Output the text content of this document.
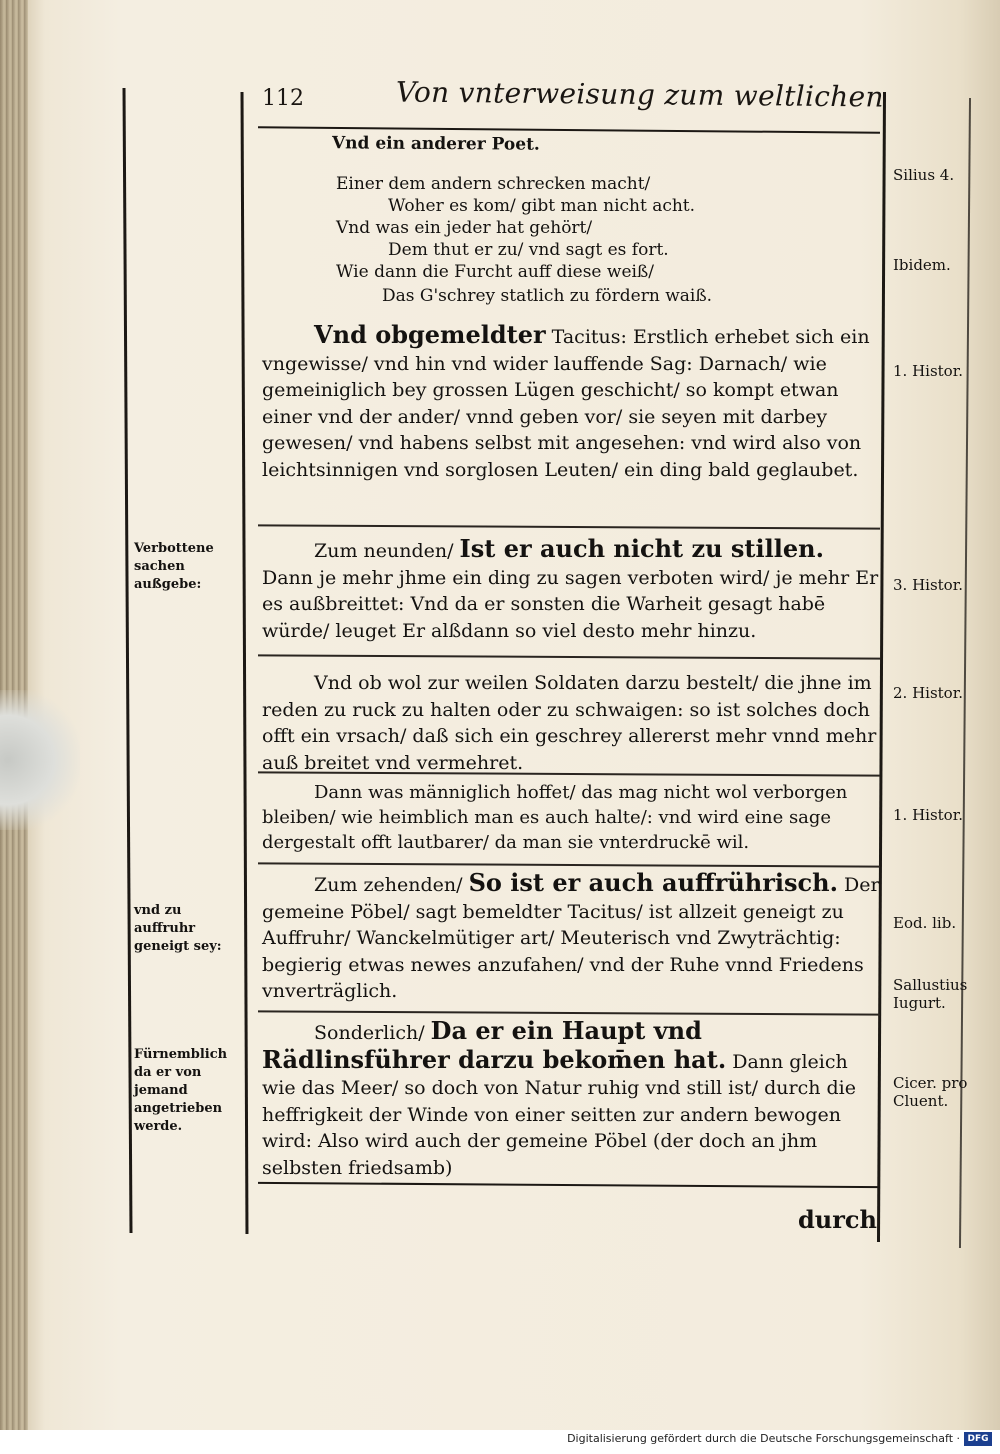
112	Von vnterweisung zum weltlichen
Vnd ein anderer Poet.
Einer dem andern schrecken macht/
Woher es kom/ gibt man nicht acht.
Vnd was ein jeder hat gehört/
Dem thut er zu/ vnd sagt es fort.
Wie dann die Furcht auff diese weiß/
Das G'schrey statlich zu fördern waiß.

Vnd obgemeldter Tacitus: Erstlich erhebet sich ein vngewisse/ vnd hin vnd wider lauffende Sag: Darnach/ wie gemeiniglich bey grossen Lügen geschicht/ so kompt etwan einer vnd der ander/ vnnd geben vor/ sie seyen mit darbey gewesen/ vnd habens selbst mit angesehen: vnd wird also von leichtsinnigen vnd sorglosen Leuten/ ein ding bald geglaubet.

Zum neunden/ Ist er auch nicht zu stillen. Dann je mehr jhme ein ding zu sagen verboten wird/ je mehr Er es außbreittet: Vnd da er sonsten die Warheit gesagt habē würde/ leuget Er alßdann so viel desto mehr hinzu.

Vnd ob wol zur weilen Soldaten darzu bestelt/ die jhne im reden zu ruck zu halten oder zu schwaigen: so ist solches doch offt ein vrsach/ daß sich ein geschrey allererst mehr vnnd mehr auß breitet vnd vermehret.

Dann was männiglich hoffet/ das mag nicht wol verborgen bleiben/ wie heimblich man es auch halte/: vnd wird eine sage dergestalt offt lautbarer/ da man sie vnterdruckē wil.

Zum zehenden/ So ist er auch auffrührisch. Der gemeine Pöbel/ sagt bemeldter Tacitus/ ist allzeit geneigt zu Auffruhr/ Wanckelmütiger art/ Meuterisch vnd Zwyträchtig: begierig etwas newes anzufahen/ vnd der Ruhe vnnd Friedens vnverträglich.

Sonderlich/ Da er ein Haupt vnd Rädlinsführer darzu bekom̄en hat. Dann gleich wie das Meer/ so doch von Natur ruhig vnd still ist/ durch die heffrigkeit der Winde von einer seitten zur andern bewogen wird: Also wird auch der gemeine Pöbel (der doch an jhm selbsten friedsamb)

Verbottene sachen außgebe:
vnd zu auffruhr geneigt sey:
Fürnemblich da er von jemand angetrieben werde.
Silius 4.
Ibidem.
1. Histor.
3. Histor.
2. Histor.
1. Histor.
Eod. lib.
Sallustius Iugurt.
Cicer. pro Cluent.
durch
Digitalisierung gefördert durch die Deutsche Forschungsgemeinschaft · DFG
